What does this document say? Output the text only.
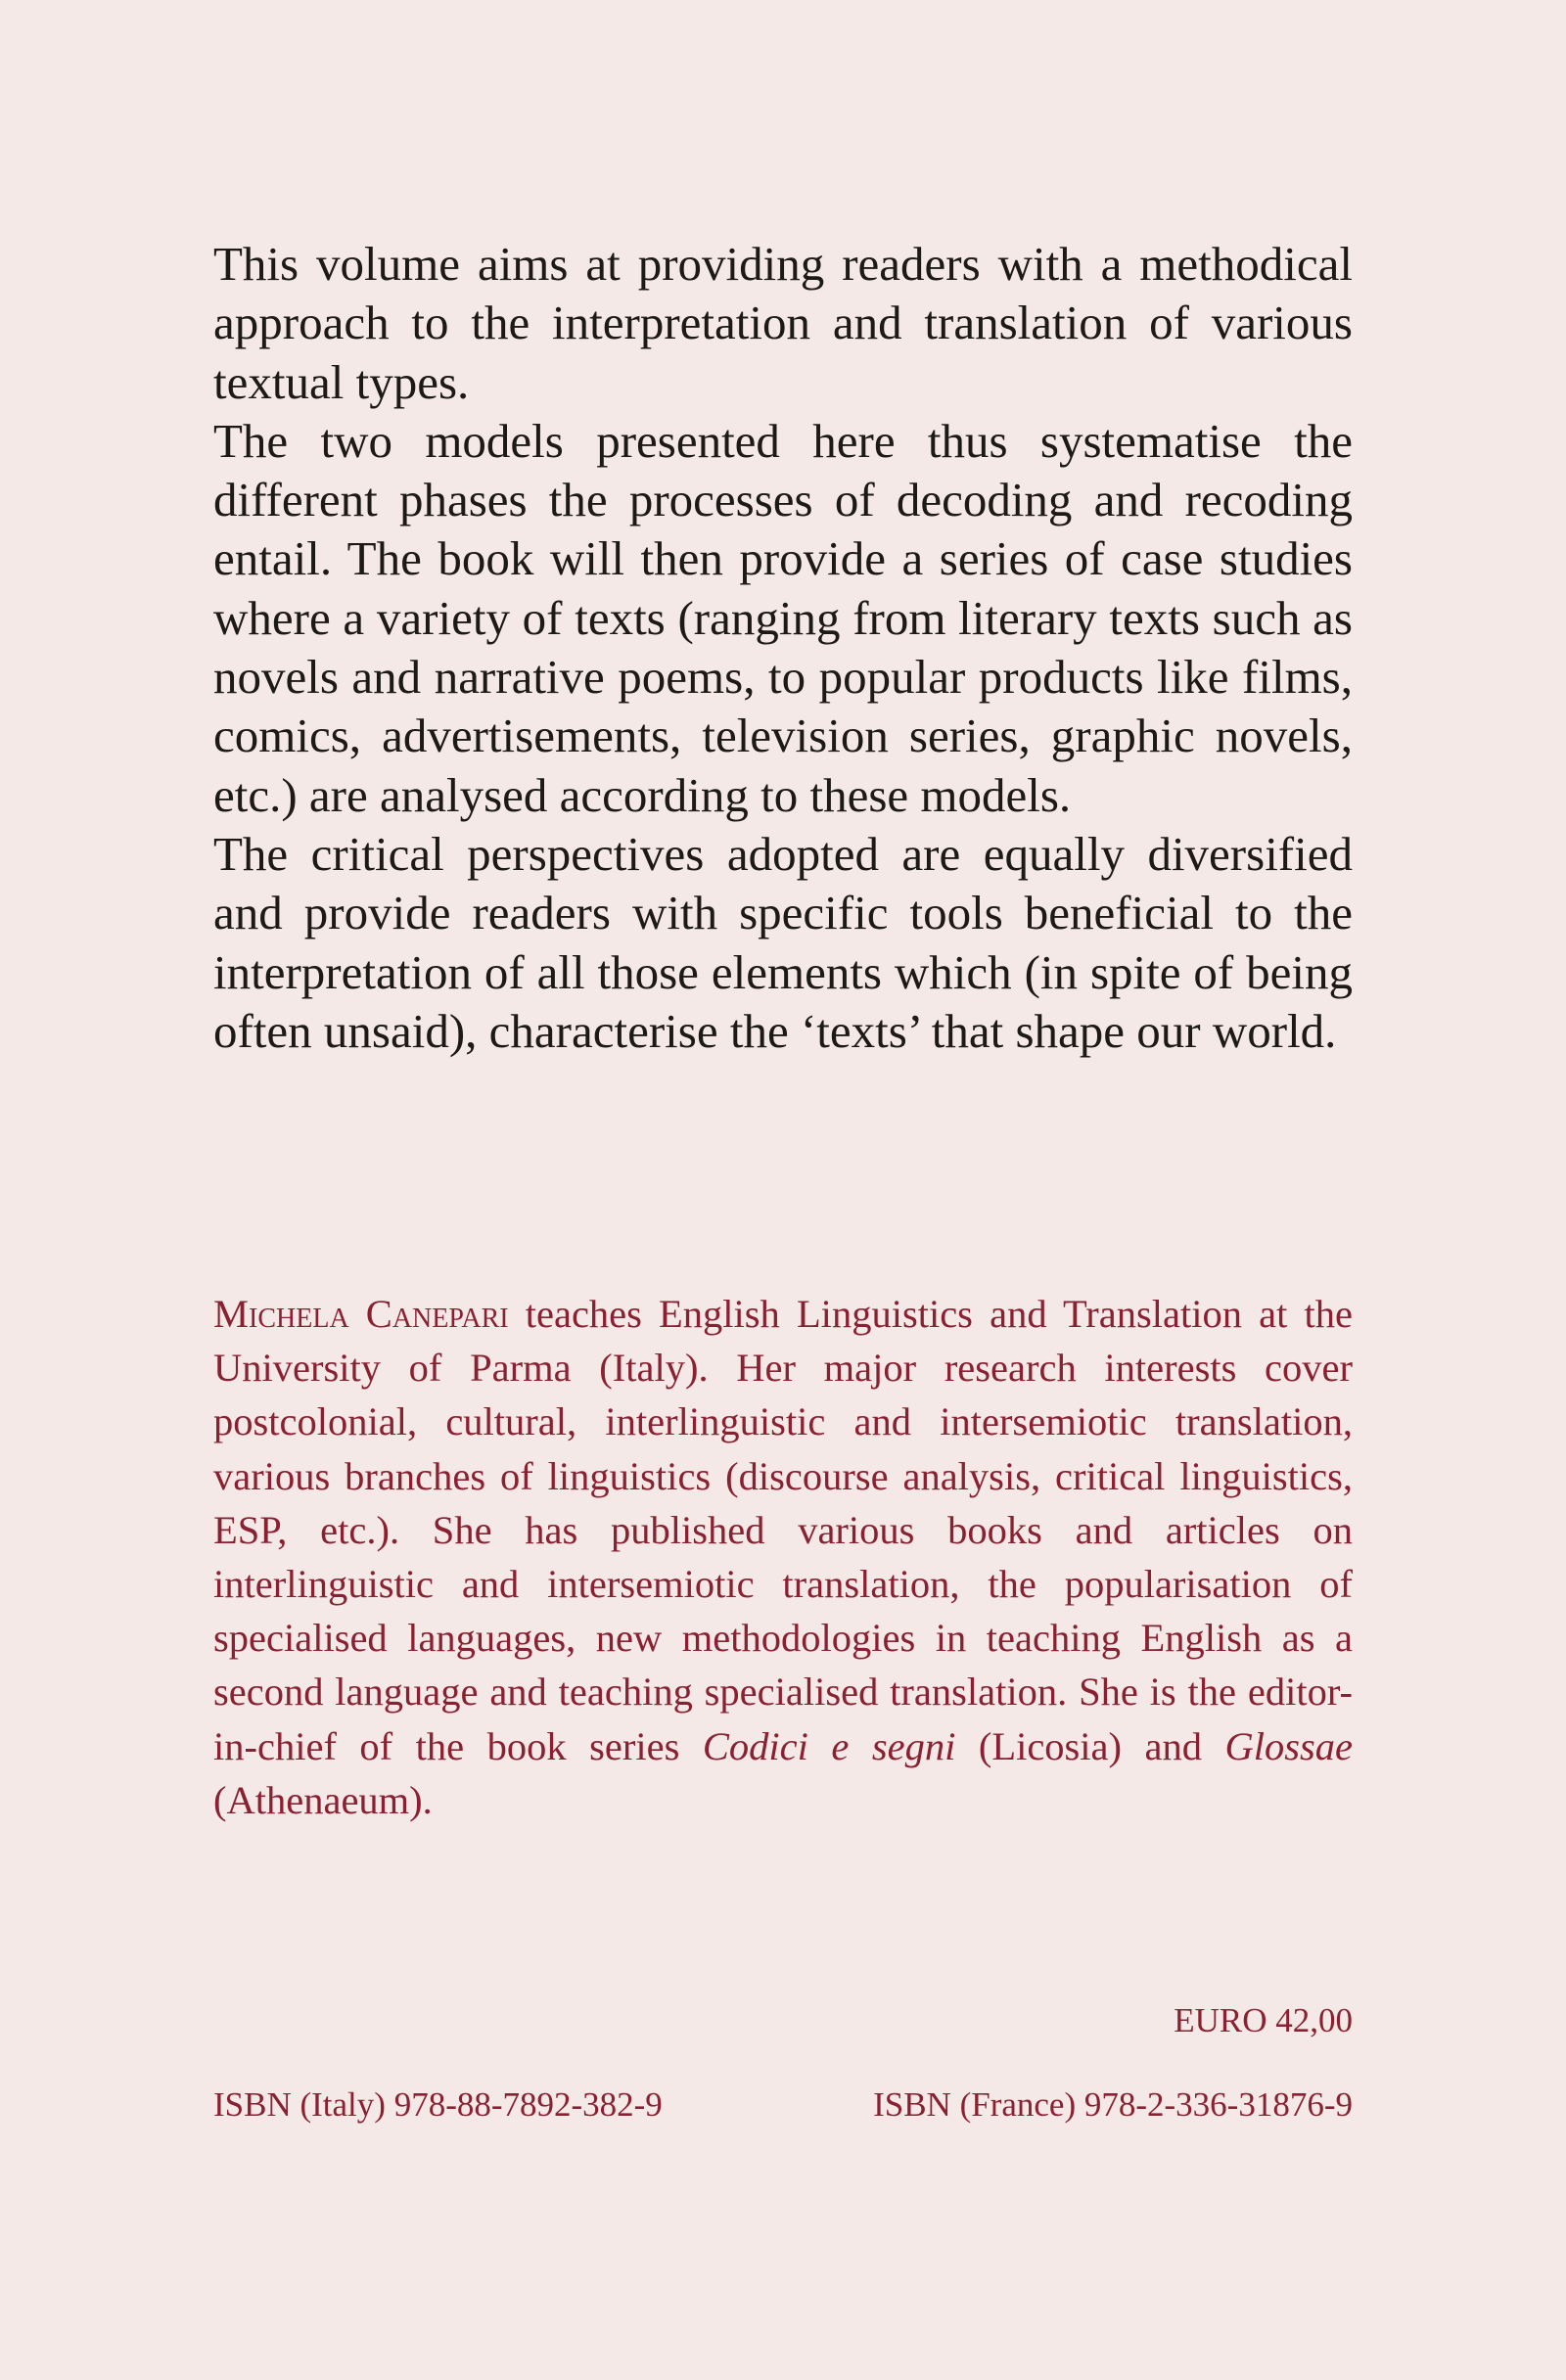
This volume aims at providing readers with a methodical approach to the interpretation and translation of various textual types.

The two models presented here thus systematise the different phases the processes of decoding and recoding entail. The book will then provide a series of case studies where a variety of texts (ranging from literary texts such as novels and narrative poems, to popular products like films, comics, advertisements, television series, graphic novels, etc.) are analysed according to these models.

The critical perspectives adopted are equally diversified and provide readers with specific tools beneficial to the interpretation of all those elements which (in spite of being often unsaid), characterise the ‘texts’ that shape our world.

Michela Canepari teaches English Linguistics and Translation at the University of Parma (Italy). Her major research interests cover postcolonial, cultural, interlinguistic and intersemiotic translation, various branches of linguistics (discourse analysis, critical linguistics, ESP, etc.). She has published various books and articles on interlinguistic and intersemiotic translation, the popularisation of specialised languages, new methodologies in teaching English as a second language and teaching specialised translation. She is the editor-in-chief of the book series Codici e segni (Licosia) and Glossae (Athenaeum).

EURO 42,00
ISBN (Italy) 978-88-7892-382-9	ISBN (France) 978-2-336-31876-9
